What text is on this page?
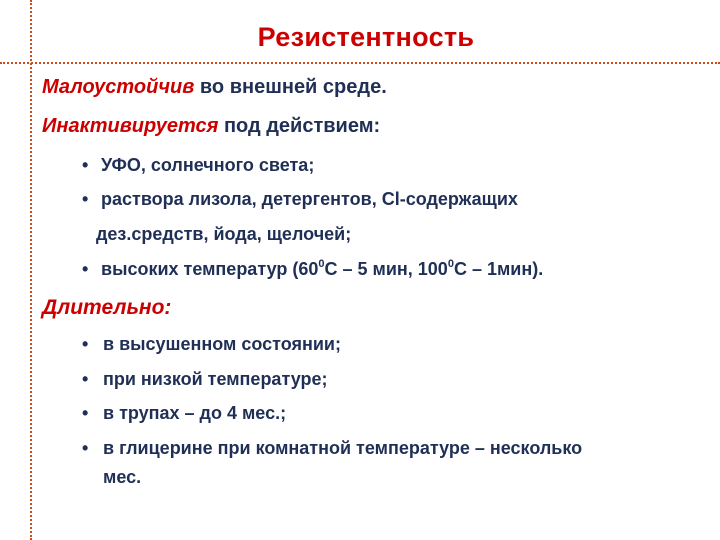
Резистентность
Малоустойчив во внешней среде.
Инактивируется под действием:
• УФО, солнечного света;
• раствора лизола, детергентов, Cl-содержащих
дез.средств, йода, щелочей;
• высоких температур ($60^0С - 5$ мин, $100^0С - 1мин$).
Длительно:
• в высушенном состоянии;
• при низкой температуре;
• в трупах – до 4 мес.;
• в глицерине при комнатной температуре – несколько
мес.
